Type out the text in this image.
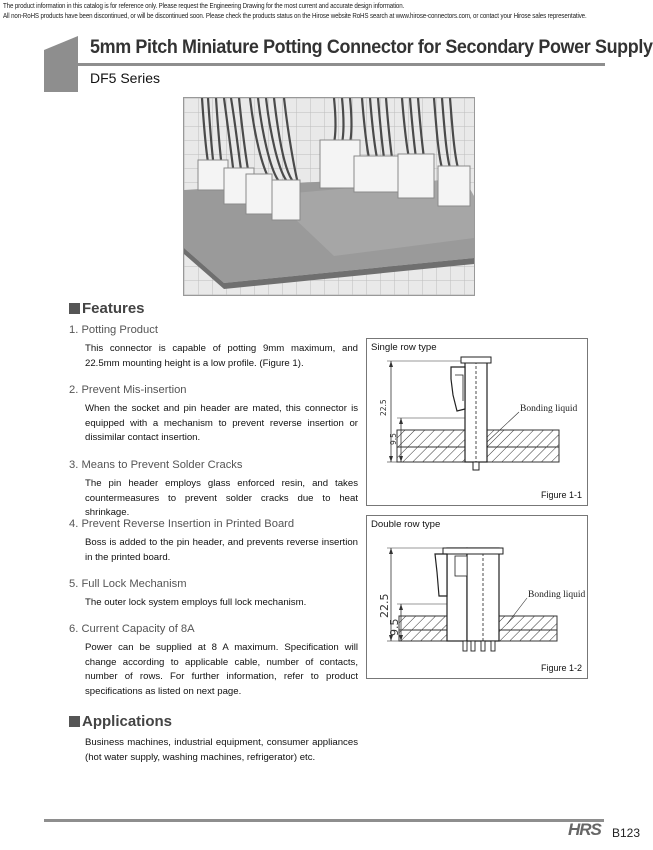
The product information in this catalog is for reference only. Please request the Engineering Drawing for the most current and accurate design information.
All non-RoHS products have been discontinued, or will be discontinued soon. Please check the products status on the Hirose website RoHS search at www.hirose-connectors.com, or contact your Hirose sales representative.
5mm Pitch Miniature Potting Connector for Secondary Power Supply
DF5 Series
Features
1. Potting Product
This connector is capable of potting 9mm maximum, and 22.5mm mounting height is a low profile. (Figure 1).
2. Prevent Mis-insertion
When the socket and pin header are mated, this connector is equipped with a mechanism to prevent reverse insertion or dissimilar contact insertion.
3. Means to Prevent Solder Cracks
The pin header employs glass enforced resin, and takes countermeasures to prevent solder cracks due to heat shrinkage.
4. Prevent Reverse Insertion in Printed Board
Boss is added to the pin header, and prevents reverse insertion in the printed board.
5. Full Lock Mechanism
The outer lock system employs full lock mechanism.
6. Current Capacity of 8A
Power can be supplied at 8 A maximum. Specification will change according to applicable cable, number of contacts, number of rows. For further information, refer to product specifications as listed on next page.
Applications
Business machines, industrial equipment, consumer appliances (hot water supply, washing machines, refrigerator) etc.
22.5
9.5
Bonding liquid
Single row type
Figure 1-1
22.5
9.5
Bonding liquid
Double row type
Figure 1-2
HRS B123
